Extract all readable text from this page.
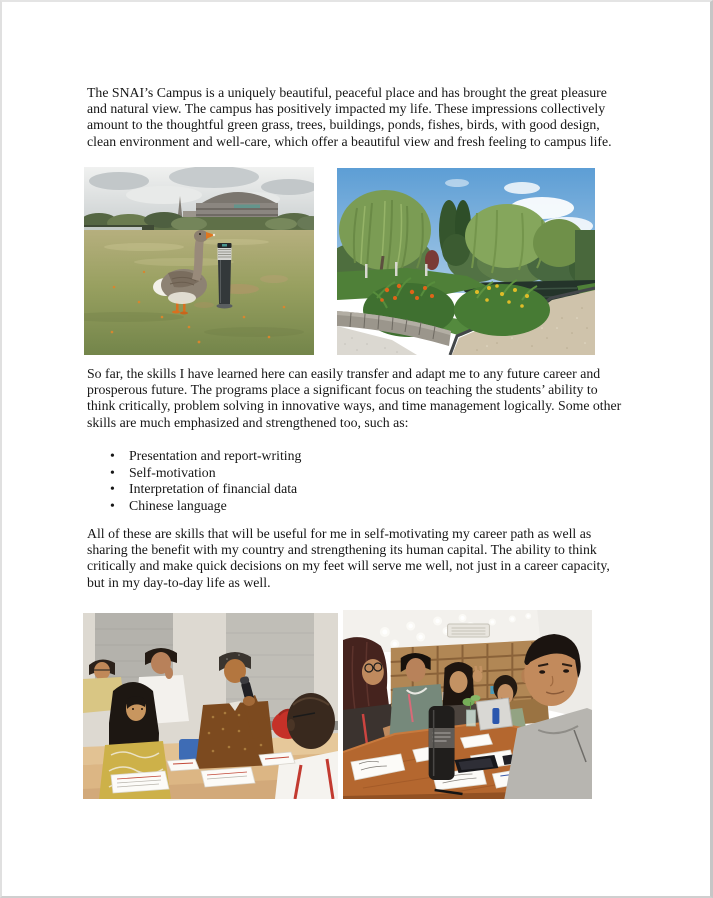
The SNAI’s Campus is a uniquely beautiful, peaceful place and has brought the great pleasure
and natural view. The campus has positively impacted my life. These impressions collectively
amount to the thoughtful green grass, trees, buildings, ponds, fishes, birds, with good design,
clean environment and well-care, which offer a beautiful view and fresh feeling to campus life.
So far, the skills I have learned here can easily transfer and adapt me to any future career and
prosperous future. The programs place a significant focus on teaching the students’ ability to
think critically, problem solving in innovative ways, and time management logically. Some other
skills are much emphasized and strengthened too, such as:
• Presentation and report-writing
• Self-motivation
• Interpretation of financial data
• Chinese language
All of these are skills that will be useful for me in self-motivating my career path as well as
sharing the benefit with my country and strengthening its human capital. The ability to think
critically and make quick decisions on my feet will serve me well, not just in a career capacity,
but in my day-to-day life as well.
